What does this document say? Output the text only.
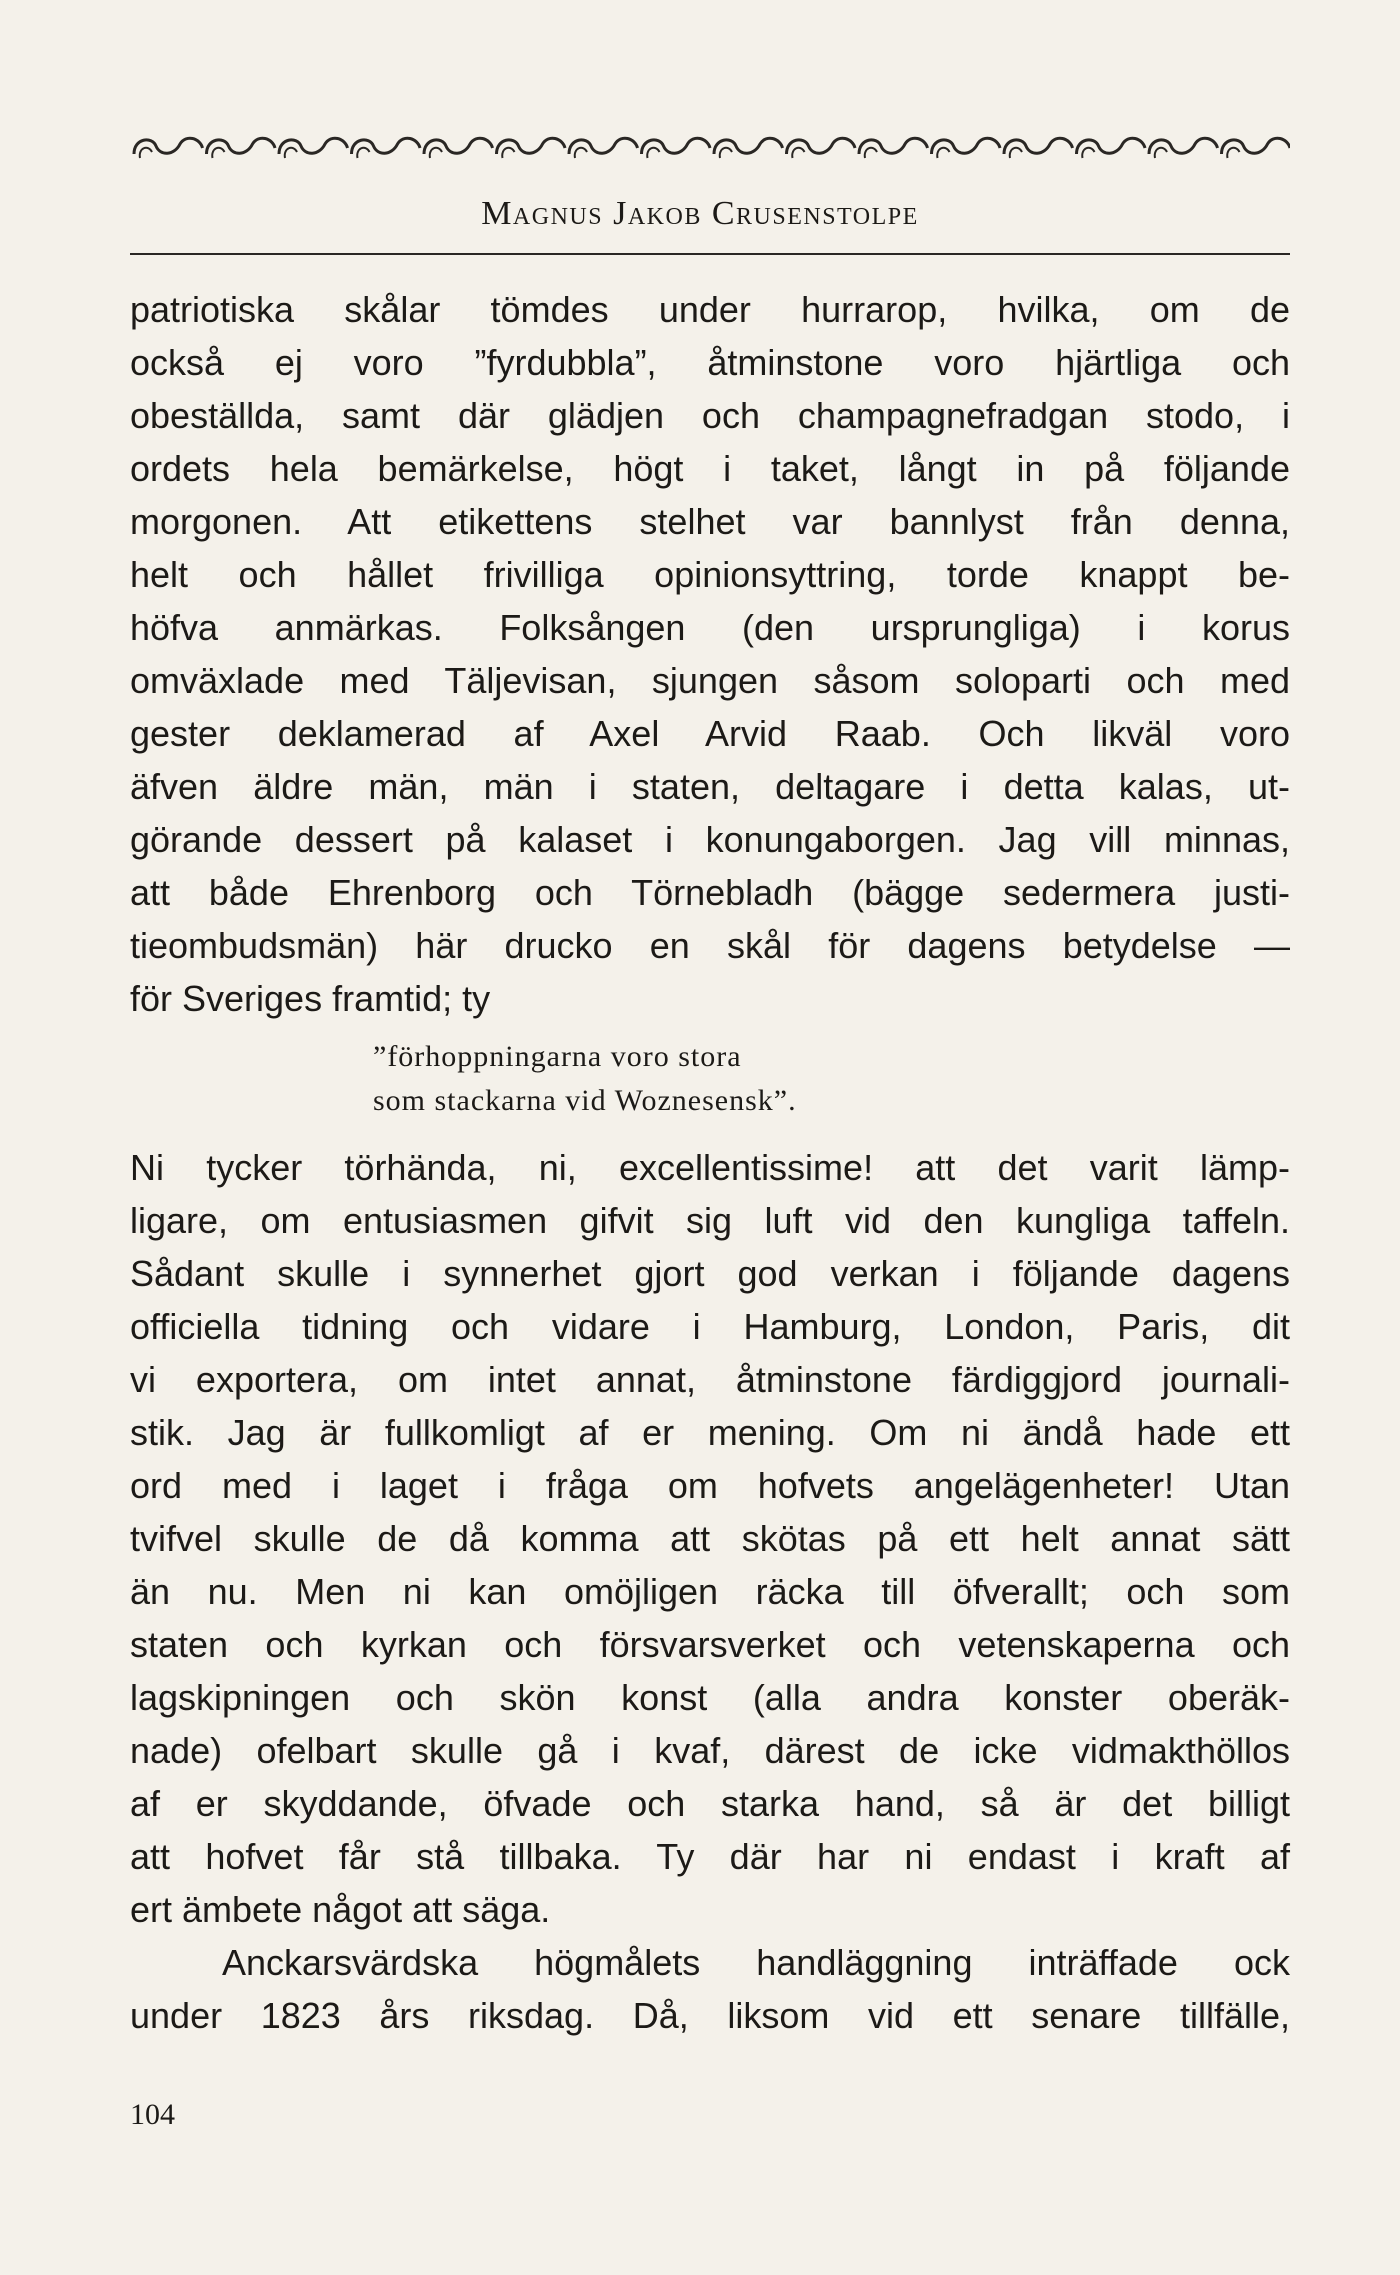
Magnus Jakob Crusenstolpe
patriotiska skålar tömdes under hurrarop, hvilka, om de
också ej voro ”fyrdubbla”, åtminstone voro hjärtliga och
obeställda, samt där glädjen och champagnefradgan stodo, i
ordets hela bemärkelse, högt i taket, långt in på följande
morgonen. Att etikettens stelhet var bannlyst från denna,
helt och hållet frivilliga opinionsyttring, torde knappt be-
höfva anmärkas. Folksången (den ursprungliga) i korus
omväxlade med Täljevisan, sjungen såsom soloparti och med
gester deklamerad af Axel Arvid Raab. Och likväl voro
äfven äldre män, män i staten, deltagare i detta kalas, ut-
görande dessert på kalaset i konungaborgen. Jag vill minnas,
att både Ehrenborg och Törnebladh (bägge sedermera justi-
tieombudsmän) här drucko en skål för dagens betydelse —
för Sveriges framtid; ty
”förhoppningarna voro stora
som stackarna vid Woznesensk”.
Ni tycker törhända, ni, excellentissime! att det varit lämp-
ligare, om entusiasmen gifvit sig luft vid den kungliga taffeln.
Sådant skulle i synnerhet gjort god verkan i följande dagens
officiella tidning och vidare i Hamburg, London, Paris, dit
vi exportera, om intet annat, åtminstone färdiggjord journali-
stik. Jag är fullkomligt af er mening. Om ni ändå hade ett
ord med i laget i fråga om hofvets angelägenheter! Utan
tvifvel skulle de då komma att skötas på ett helt annat sätt
än nu. Men ni kan omöjligen räcka till öfverallt; och som
staten och kyrkan och försvarsverket och vetenskaperna och
lagskipningen och skön konst (alla andra konster oberäk-
nade) ofelbart skulle gå i kvaf, därest de icke vidmakthöllos
af er skyddande, öfvade och starka hand, så är det billigt
att hofvet får stå tillbaka. Ty där har ni endast i kraft af
ert ämbete något att säga.
Anckarsvärdska högmålets handläggning inträffade ock
under 1823 års riksdag. Då, liksom vid ett senare tillfälle,
104
